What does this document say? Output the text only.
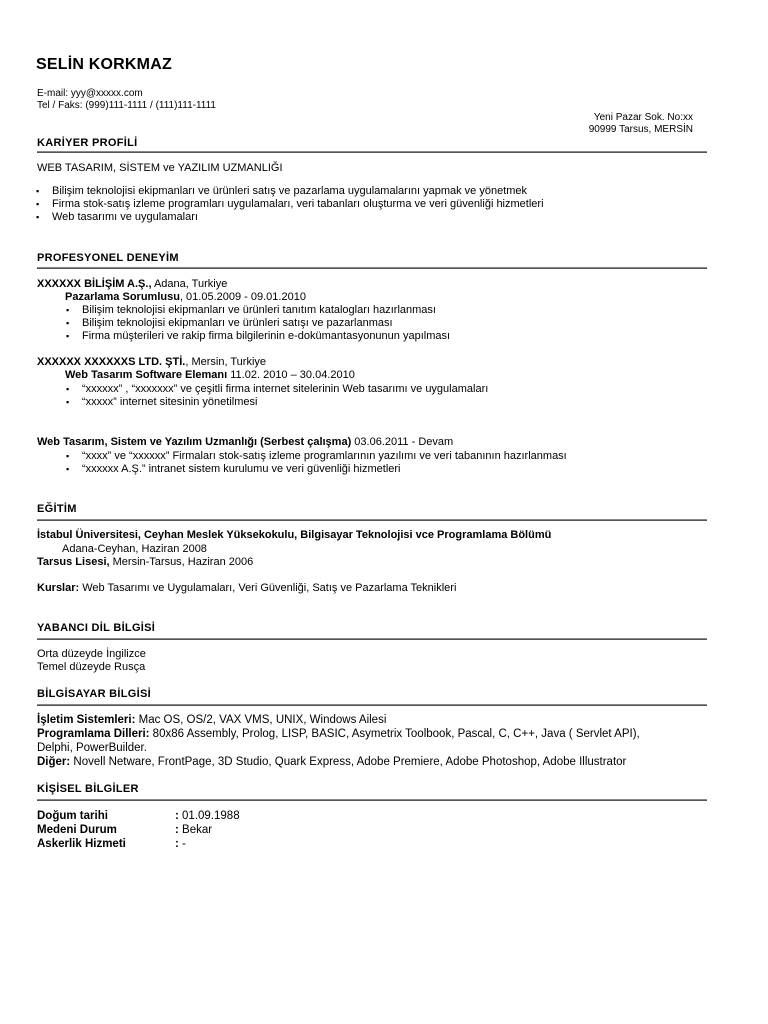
SELİN KORKMAZ
E-mail: yyy@xxxxx.com
Tel / Faks: (999)111-1111 / (111)111-1111
Yeni Pazar Sok. No:xx
90999 Tarsus, MERSİN
KARİYER PROFİLİ
WEB TASARIM, SİSTEM ve YAZILIM UZMANLIĞI
▪ Bilişim teknolojisi ekipmanları ve ürünleri satış ve pazarlama uygulamalarını yapmak ve yönetmek
▪ Firma stok-satış izleme programları uygulamaları, veri tabanları oluşturma ve veri güvenliği hizmetleri
▪ Web tasarımı ve uygulamaları
PROFESYONEL DENEYİM
XXXXXX BİLİŞİM A.Ş., Adana, Turkiye
Pazarlama Sorumlusu, 01.05.2009 - 09.01.2010
▪ Bilişim teknolojisi ekipmanları ve ürünleri tanıtım katalogları hazırlanması
▪ Bilişim teknolojisi ekipmanları ve ürünleri satışı ve pazarlanması
▪ Firma müşterileri ve rakip firma bilgilerinin e-dokümantasyonunun yapılması
XXXXXX XXXXXXS LTD. ŞTİ., Mersin, Turkiye
Web Tasarım Software Elemanı 11.02. 2010 – 30.04.2010
▪ “xxxxxx” , “xxxxxxx” ve çeşitli firma internet sitelerinin Web tasarımı ve uygulamaları
▪ “xxxxx” internet sitesinin yönetilmesi
Web Tasarım, Sistem ve Yazılım Uzmanlığı (Serbest çalışma) 03.06.2011 - Devam
▪ “xxxx” ve “xxxxxx” Firmaları stok-satış izleme programlarının yazılımı ve veri tabanının hazırlanması
▪ “xxxxxx A.Ş.” intranet sistem kurulumu ve veri güvenliği hizmetleri
EĞİTİM
İstabul Üniversitesi, Ceyhan Meslek Yüksekokulu, Bilgisayar Teknolojisi vce Programlama Bölümü
Adana-Ceyhan, Haziran 2008
Tarsus Lisesi, Mersin-Tarsus, Haziran 2006
Kurslar: Web Tasarımı ve Uygulamaları, Veri Güvenliği, Satış ve Pazarlama Teknikleri
YABANCI DİL BİLGİSİ
Orta düzeyde İngilizce
Temel düzeyde Rusça
BİLGİSAYAR BİLGİSİ
İşletim Sistemleri: Mac OS, OS/2, VAX VMS, UNIX, Windows Ailesi
Programlama Dilleri: 80x86 Assembly, Prolog, LISP, BASIC, Asymetrix Toolbook, Pascal, C, C++, Java ( Servlet API),
Delphi, PowerBuilder.
Diğer: Novell Netware, FrontPage, 3D Studio, Quark Express, Adobe Premiere, Adobe Photoshop, Adobe Illustrator
KİŞİSEL BİLGİLER
Doğum tarihi	: 01.09.1988
Medeni Durum	: Bekar
Askerlik Hizmeti	: -
